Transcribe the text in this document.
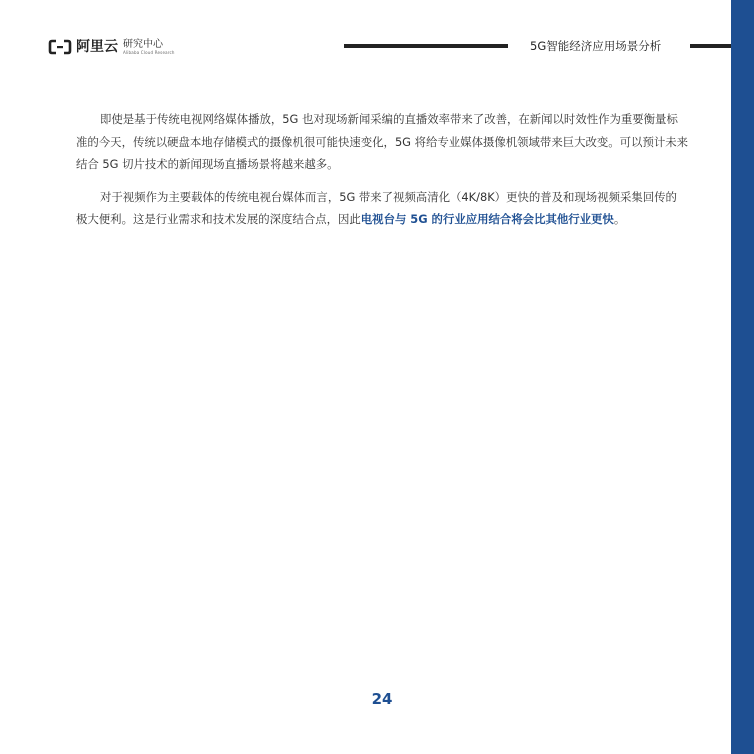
阿里云 研究中心
Alibaba Cloud Research	5G智能经济应用场景分析

即使是基于传统电视网络媒体播放，5G 也对现场新闻采编的直播效率带来了改善，在新闻以时效性作为重要衡量标准的今天，传统以硬盘本地存储模式的摄像机很可能快速变化，5G 将给专业媒体摄像机领域带来巨大改变。可以预计未来结合 5G 切片技术的新闻现场直播场景将越来越多。

对于视频作为主要载体的传统电视台媒体而言，5G 带来了视频高清化（4K/8K）更快的普及和现场视频采集回传的极大便利。这是行业需求和技术发展的深度结合点，因此电视台与 5G 的行业应用结合将会比其他行业更快。

24
